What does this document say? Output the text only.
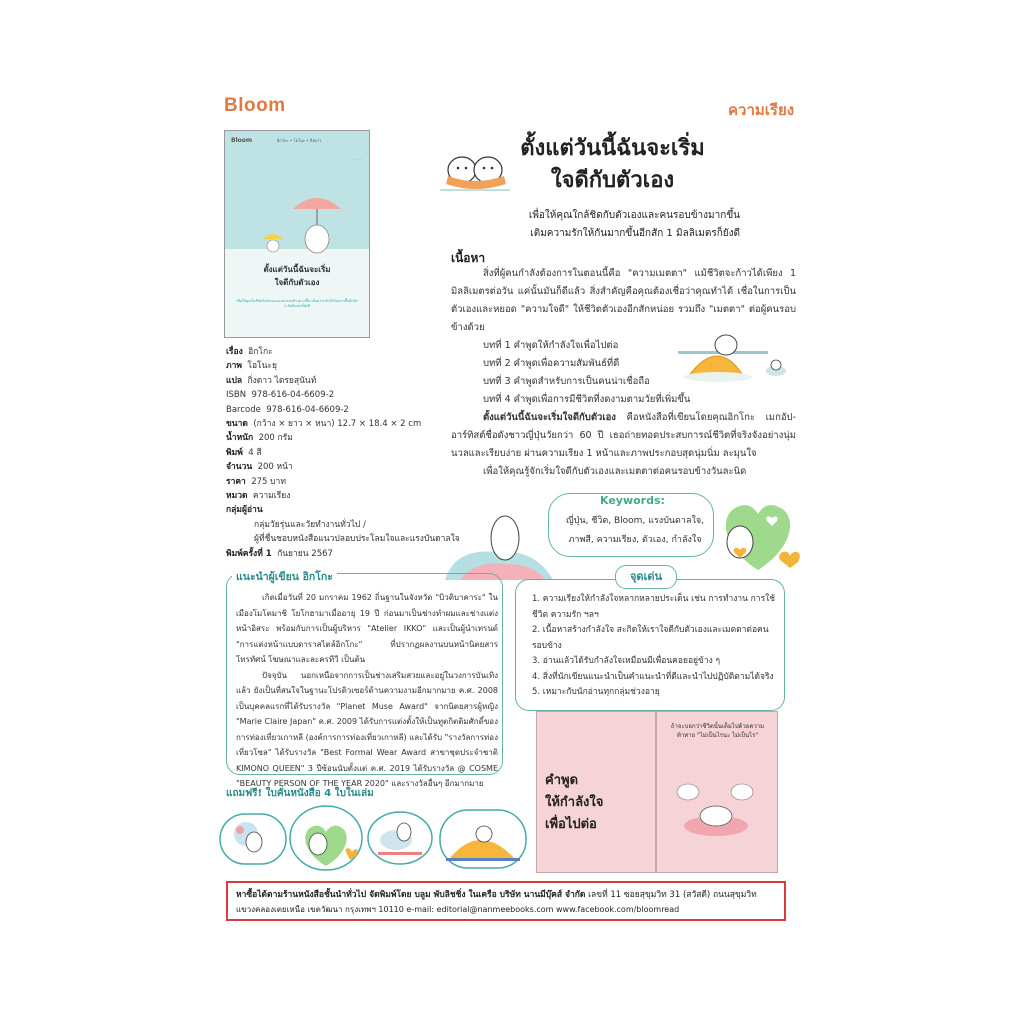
Bloom	ความเรียง
Bloom	อิกโกะ • โอโนะ • กิ่งดาว
· · ·
ตั้งแต่วันนี้ฉันจะเริ่ม
ใจดีกับตัวเอง
เพื่อให้คุณใกล้ชิดกับตัวเองและคนรอบข้างมากขึ้น เติมความรักให้กันมากขึ้นอีกสัก 1 มิลลิเมตรก็ยังดี
เรื่อง อิกโกะ
ภาพ โอโนะยุ
แปล กิ่งดาว ไตรยสุนันท์
ISBN 978-616-04-6609-2
Barcode 978-616-04-6609-2
ขนาด (กว้าง × ยาว × หนา) 12.7 × 18.4 × 2 cm
น้ำหนัก 200 กรัม
พิมพ์ 4 สี
จำนวน 200 หน้า
ราคา 275 บาท
หมวด ความเรียง
กลุ่มผู้อ่าน
กลุ่มวัยรุ่นและวัยทำงานทั่วไป /
ผู้ที่ชื่นชอบหนังสือแนวปลอบประโลมใจและแรงบันดาลใจ
พิมพ์ครั้งที่ 1 กันยายน 2567
ตั้งแต่วันนี้ฉันจะเริ่ม
ใจดีกับตัวเอง
เพื่อให้คุณใกล้ชิดกับตัวเองและคนรอบข้างมากขึ้น
เติมความรักให้กันมากขึ้นอีกสัก 1 มิลลิเมตรก็ยังดี
เนื้อหา
สิ่งที่ผู้คนกำลังต้องการในตอนนี้คือ "ความเมตตา" แม้ชีวิตจะก้าวได้เพียง 1 มิลลิเมตรต่อวัน แค่นั้นมันก็ดีแล้ว สิ่งสำคัญคือคุณต้องเชื่อว่าคุณทำได้ เชื่อในการเป็นตัวเองและหยอด "ความใจดี" ให้ชีวิตตัวเองอีกสักหน่อย รวมถึง "เมตตา" ต่อผู้คนรอบข้างด้วย
บทที่ 1 คำพูดให้กำลังใจเพื่อไปต่อ
บทที่ 2 คำพูดเพื่อความสัมพันธ์ที่ดี
บทที่ 3 คำพูดสำหรับการเป็นคนน่าเชื่อถือ
บทที่ 4 คำพูดเพื่อการมีชีวิตที่งดงามตามวัยที่เพิ่มขึ้น
ตั้งแต่วันนี้ฉันจะเริ่มใจดีกับตัวเอง คือหนังสือที่เขียนโดยคุณอิกโกะ เมกอัป-อาร์ทิสต์ชื่อดังชาวญี่ปุ่นวัยกว่า 60 ปี เธอถ่ายทอดประสบการณ์ชีวิตที่จริงจังอย่างนุ่มนวลและเรียบง่าย ผ่านความเรียง 1 หน้าและภาพประกอบสุดนุ่มนิ่ม ละมุนใจ
เพื่อให้คุณรู้จักเริ่มใจดีกับตัวเองและเมตตาต่อคนรอบข้างวันละนิด
Keywords:
ญี่ปุ่น, ชีวิต, Bloom, แรงบันดาลใจ,
ภาพสี, ความเรียง, ตัวเอง, กำลังใจ
แนะนำผู้เขียน อิกโกะ
เกิดเมื่อวันที่ 20 มกราคม 1962 ถิ่นฐานในจังหวัด "บิวติบาคาระ" ในเมืองโมโตมาชิ โยโกฮามาเมื่ออายุ 19 ปี ก่อนมาเป็นช่างทำผมและช่างแต่งหน้าอิสระ พร้อมกับการเป็นผู้บริหาร "Atelier IKKO" และเป็นผู้นำเทรนด์ "การแต่งหน้าแบบดาราสไตล์อิกโกะ" ที่ปรากฏผลงานบนหน้านิตยสาร โทรทัศน์ โฆษณาและละครทีวี เป็นต้น
ปัจจุบัน นอกเหนือจากการเป็นช่างเสริมสวยและอยู่ในวงการบันเทิงแล้ว ยังเป็นที่สนใจในฐานะโปรดิวเซอร์ด้านความงามอีกมากมาย ค.ศ. 2008 เป็นบุคคลแรกที่ได้รับรางวัล "Planet Muse Award" จากนิตยสารผู้หญิง "Marie Claire Japan" ค.ศ. 2009 ได้รับการแต่งตั้งให้เป็นทูตกิตติมศักดิ์ของการท่องเที่ยวเกาหลี (องค์การการท่องเที่ยวเกาหลี) และได้รับ "รางวัลการท่องเที่ยวโซล" ได้รับรางวัล "Best Formal Wear Award สาขาชุดประจำชาติ KIMONO QUEEN" 3 ปีซ้อนนับตั้งแต่ ค.ศ. 2019 ได้รับรางวัล @ COSME "BEAUTY PERSON OF THE YEAR 2020" และรางวัลอื่นๆ อีกมากมาย
จุดเด่น
1. ความเรียงให้กำลังใจหลากหลายประเด็น เช่น การทำงาน การใช้ชีวิต ความรัก ฯลฯ
2. เนื้อหาสร้างกำลังใจ สะกิดให้เราใจดีกับตัวเองและเมตตาต่อคนรอบข้าง
3. อ่านแล้วได้รับกำลังใจเหมือนมีเพื่อนคอยอยู่ข้าง ๆ
4. สิ่งที่นักเขียนแนะนำเป็นคำแนะนำที่ดีและนำไปปฏิบัติตามได้จริง
5. เหมาะกับนักอ่านทุกกลุ่มช่วงอายุ
แถมฟรี! ใบคั่นหนังสือ 4 ใบในเล่ม
คำพูด
ให้กำลังใจ
เพื่อไปต่อ
ถ้าจะบอกว่าชีวิตนั้นเต็มไปด้วยความท้าทาย "ไม่เป็นไรนะ ไม่เป็นไร"
หาซื้อได้ตามร้านหนังสือชั้นนำทั่วไป จัดพิมพ์โดย บลูม พับลิชชิ่ง ในเครือ บริษัท นานมีบุ๊คส์ จำกัด เลขที่ 11 ซอยสุขุมวิท 31 (สวัสดี) ถนนสุขุมวิท
แขวงคลองเตยเหนือ เขตวัฒนา กรุงเทพฯ 10110 e-mail: editorial@nanmeebooks.com www.facebook.com/bloomread
